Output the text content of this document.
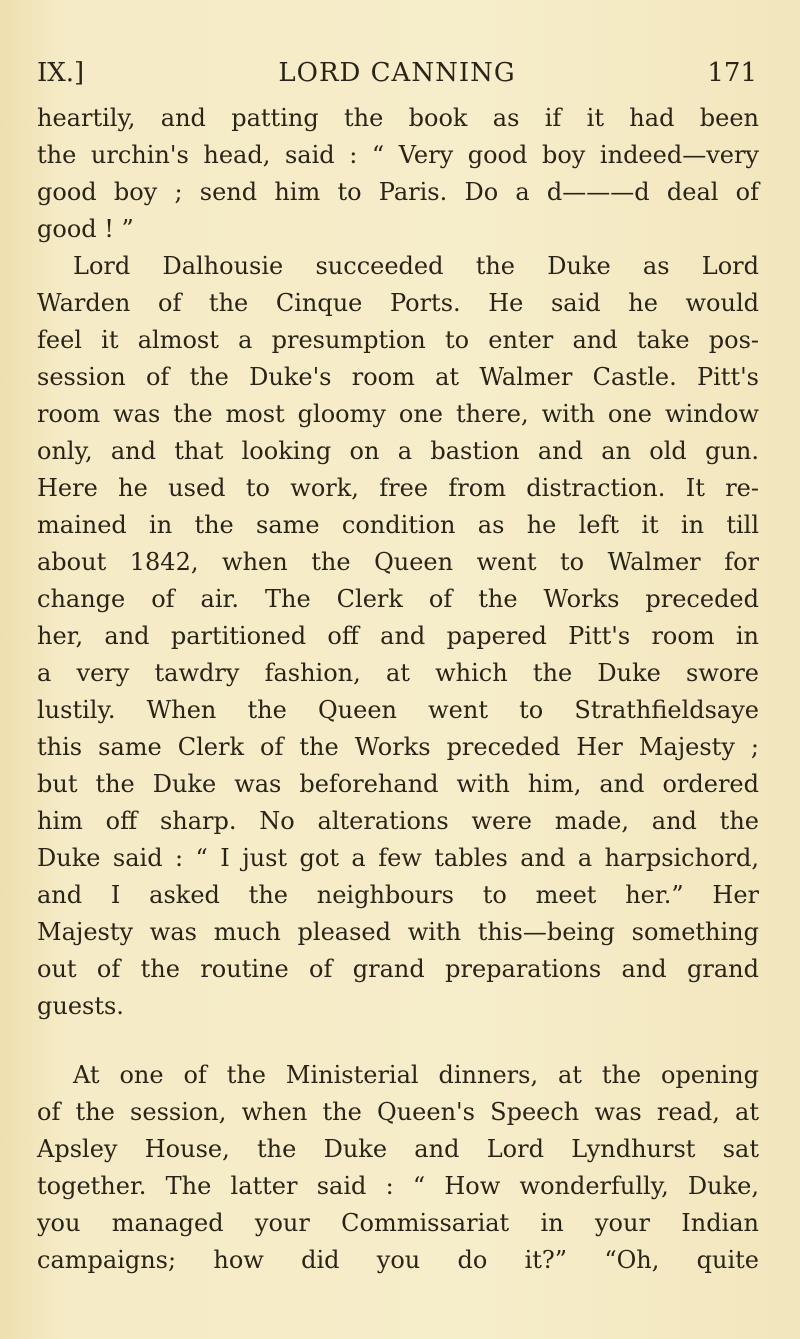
IX.]	LORD CANNING	171
heartily, and patting the book as if it had been
the urchin's head, said : “ Very good boy indeed—very
good boy ; send him to Paris. Do a d———d deal of
good ! ”
Lord Dalhousie succeeded the Duke as Lord
Warden of the Cinque Ports. He said he would
feel it almost a presumption to enter and take pos-
session of the Duke's room at Walmer Castle. Pitt's
room was the most gloomy one there, with one window
only, and that looking on a bastion and an old gun.
Here he used to work, free from distraction. It re-
mained in the same condition as he left it in till
about 1842, when the Queen went to Walmer for
change of air. The Clerk of the Works preceded
her, and partitioned off and papered Pitt's room in
a very tawdry fashion, at which the Duke swore
lustily. When the Queen went to Strathfieldsaye
this same Clerk of the Works preceded Her Majesty ;
but the Duke was beforehand with him, and ordered
him off sharp. No alterations were made, and the
Duke said : “ I just got a few tables and a harpsichord,
and I asked the neighbours to meet her.” Her
Majesty was much pleased with this—being something
out of the routine of grand preparations and grand
guests.
At one of the Ministerial dinners, at the opening
of the session, when the Queen's Speech was read, at
Apsley House, the Duke and Lord Lyndhurst sat
together. The latter said : “ How wonderfully, Duke,
you managed your Commissariat in your Indian
campaigns; how did you do it?” “Oh, quite
